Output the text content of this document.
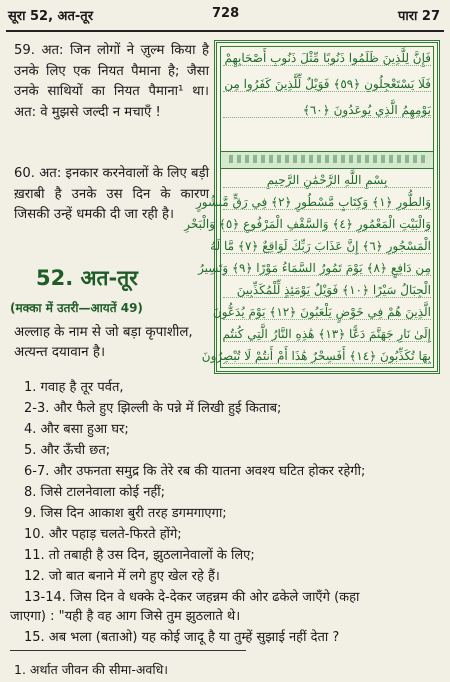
सूरा 52, अत-तूर	728	पारा 27

59. अत: जिन लोगों ने ज़ुल्म किया है उनके लिए एक नियत पैमाना है; जैसा उनके साथियों का नियत पैमाना¹ था। अत: वे मुझसे जल्दी न मचाएँ !

60. अत: इनकार करनेवालों के लिए बड़ी ख़राबी है उनके उस दिन के कारण जिसकी उन्हें धमकी दी जा रही है।

52. अत-तूर
(मक्का में उतरी—आयतें 49)
अल्लाह के नाम से जो बड़ा कृपाशील, अत्यन्त दयावान है।
فَإِنَّ لِلَّذِينَ ظَلَمُوا ذَنُوبًا مِّثْلَ ذَنُوبِ أَصْحَابِهِمْ
فَلَا يَسْتَعْجِلُونِ ﴿٥٩﴾ فَوَيْلٌ لِّلَّذِينَ كَفَرُوا مِن
يَوْمِهِمُ الَّذِي يُوعَدُونَ ﴿٦٠﴾
بِسْمِ اللَّهِ الرَّحْمَٰنِ الرَّحِيمِ
وَالطُّورِ ﴿١﴾ وَكِتَابٍ مَّسْطُورٍ ﴿٢﴾ فِي رَقٍّ مَّنشُورٍ
وَالْبَيْتِ الْمَعْمُورِ ﴿٤﴾ وَالسَّقْفِ الْمَرْفُوعِ ﴿٥﴾ وَالْبَحْرِ
الْمَسْجُورِ ﴿٦﴾ إِنَّ عَذَابَ رَبِّكَ لَوَاقِعٌ ﴿٧﴾ مَّا لَهُ
مِن دَافِعٍ ﴿٨﴾ يَوْمَ تَمُورُ السَّمَاءُ مَوْرًا ﴿٩﴾ وَتَسِيرُ
الْجِبَالُ سَيْرًا ﴿١٠﴾ فَوَيْلٌ يَوْمَئِذٍ لِّلْمُكَذِّبِينَ
الَّذِينَ هُمْ فِي خَوْضٍ يَلْعَبُونَ ﴿١٢﴾ يَوْمَ يُدَعُّونَ
إِلَىٰ نَارِ جَهَنَّمَ دَعًّا ﴿١٣﴾ هَٰذِهِ النَّارُ الَّتِي كُنتُم
بِهَا تُكَذِّبُونَ ﴿١٤﴾ أَفَسِحْرٌ هَٰذَا أَمْ أَنتُمْ لَا تُبْصِرُونَ
1. गवाह है तूर पर्वत,
2-3. और फैले हुए झिल्ली के पन्ने में लिखी हुई किताब;
4. और बसा हुआ घर;
5. और ऊँची छत;
6-7. और उफनता समुद्र कि तेरे रब की यातना अवश्य घटित होकर रहेगी;
8. जिसे टालनेवाला कोई नहीं;
9. जिस दिन आकाश बुरी तरह डगमगाएगा;
10. और पहाड़ चलते-फिरते होंगे;
11. तो तबाही है उस दिन, झुठलानेवालों के लिए;
12. जो बात बनाने में लगे हुए खेल रहे हैं।
13-14. जिस दिन वे धक्के दे-देकर जहन्नम की ओर ढकेले जाएँगे (कहा
जाएगा) : "यही है वह आग जिसे तुम झुठलाते थे।
15. अब भला (बताओ) यह कोई जादू है या तुम्हें सुझाई नहीं देता ?
1. अर्थात जीवन की सीमा-अवधि।
